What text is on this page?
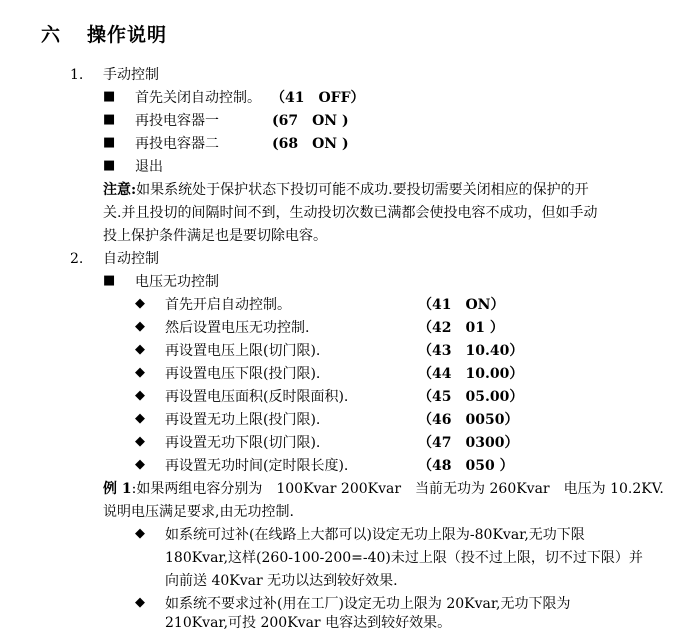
六 操作说明
1. 手动控制
■ 首先关闭自动控制。 （41　OFF）
■ 再投电容器一	(67　ON )
■ 再投电容器二	(68　ON )
■ 退出
注意:如果系统处于保护状态下投切可能不成功.要投切需要关闭相应的保护的开
关.并且投切的间隔时间不到，生动投切次数已满都会使投电容不成功，但如手动
投上保护条件满足也是要切除电容。
2. 自动控制
■ 电压无功控制
◆ 首先开启自动控制。	（41　ON）
◆ 然后设置电压无功控制.	（42　01 ）
◆ 再设置电压上限(切门限).	（43　10.40）
◆ 再设置电压下限(投门限).	（44　10.00）
◆ 再设置电压面积(反时限面积).	（45　05.00）
◆ 再设置无功上限(投门限).	（46　0050）
◆ 再设置无功下限(切门限).	（47　0300）
◆ 再设置无功时间(定时限长度).	（48　050 ）
例 1:如果两组电容分别为　100Kvar 200Kvar　当前无功为 260Kvar　电压为 10.2KV.
说明电压满足要求,由无功控制.
◆ 如系统可过补(在线路上大都可以)设定无功上限为-80Kvar,无功下限
180Kvar,这样(260-100-200=-40)未过上限（投不过上限，切不过下限）并
向前送 40Kvar 无功以达到较好效果.
◆ 如系统不要求过补(用在工厂)设定无功上限为 20Kvar,无功下限为
210Kvar,可投 200Kvar 电容达到较好效果。
